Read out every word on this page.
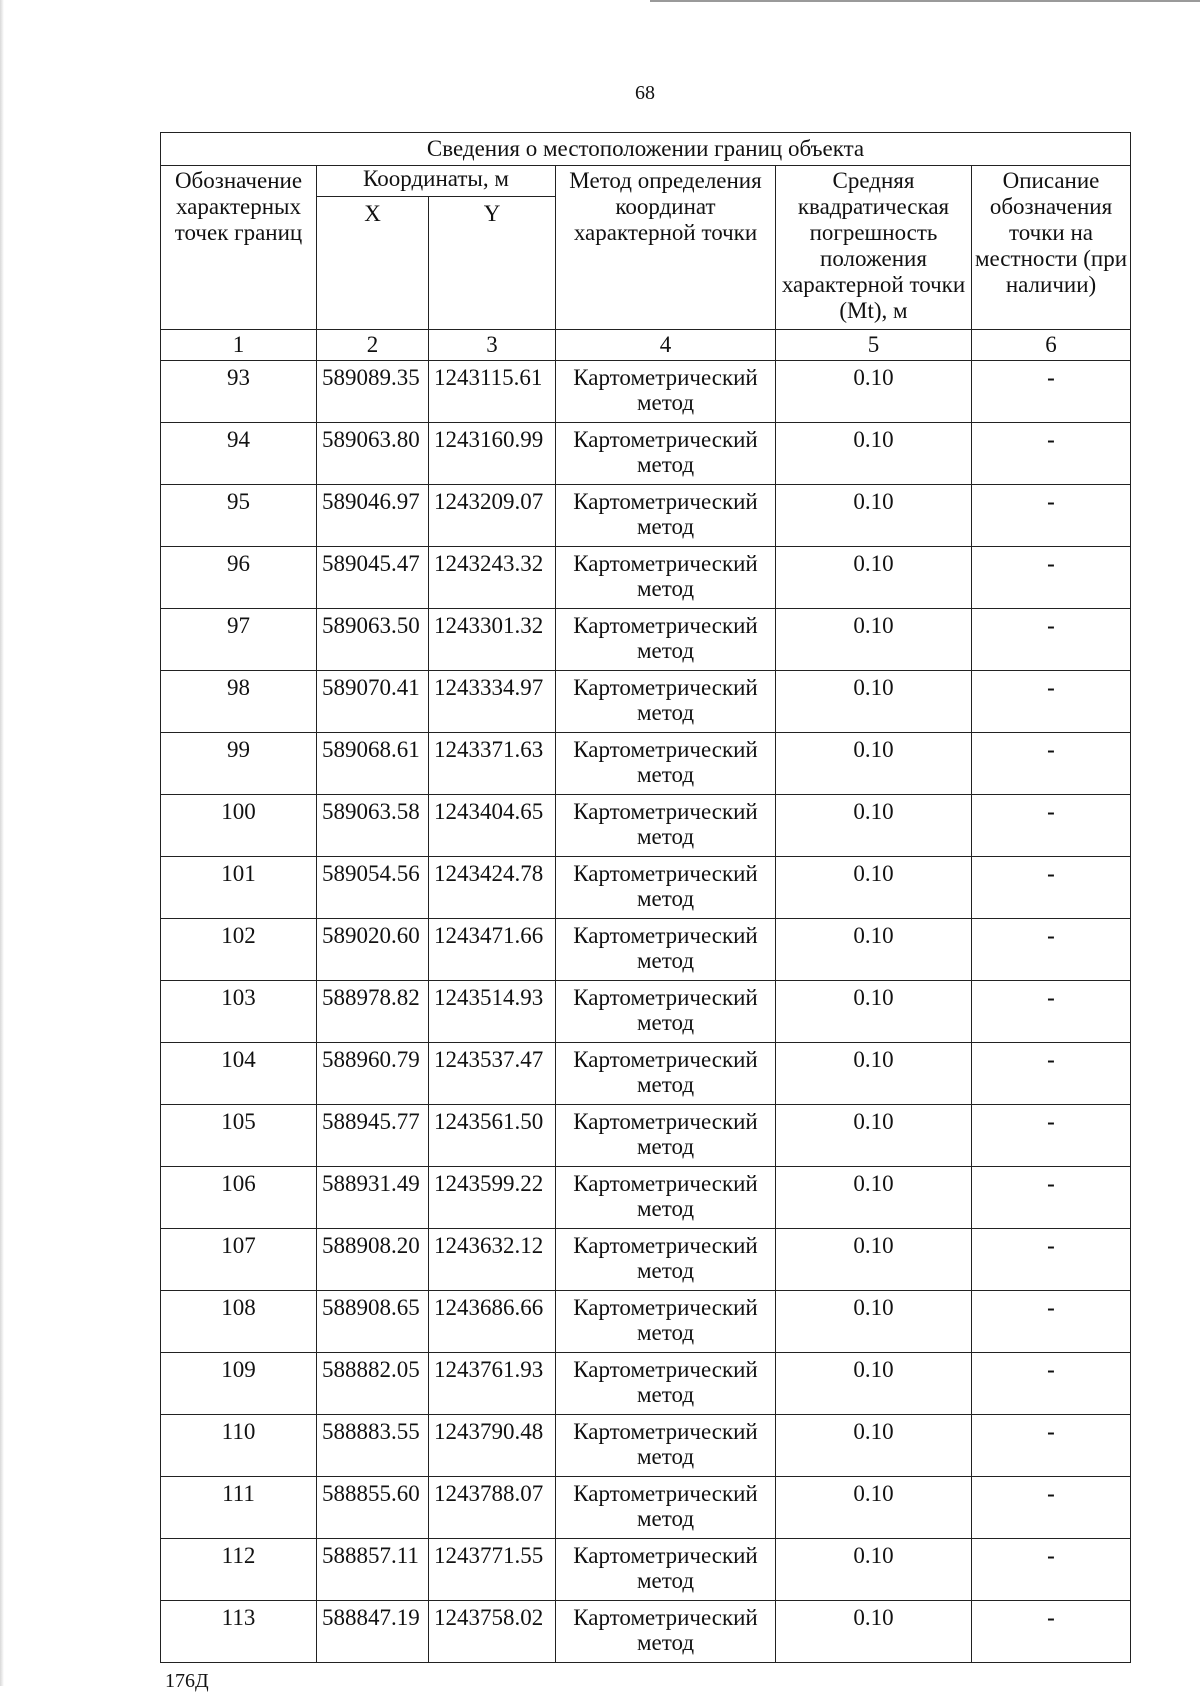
68
Сведения о местоположении границ объекта					
Обозначение характерных точек границ	Координаты, м		Метод определения координат характерной точки	Средняя квадратическая погрешность положения характерной точки (Mt), м	Описание обозначения точки на местности (при наличии)
	X	Y			
1	2	3	4	5	6
93	589089.35	1243115.61	Картометрический метод	0.10	-
94	589063.80	1243160.99	Картометрический метод	0.10	-
95	589046.97	1243209.07	Картометрический метод	0.10	-
96	589045.47	1243243.32	Картометрический метод	0.10	-
97	589063.50	1243301.32	Картометрический метод	0.10	-
98	589070.41	1243334.97	Картометрический метод	0.10	-
99	589068.61	1243371.63	Картометрический метод	0.10	-
100	589063.58	1243404.65	Картометрический метод	0.10	-
101	589054.56	1243424.78	Картометрический метод	0.10	-
102	589020.60	1243471.66	Картометрический метод	0.10	-
103	588978.82	1243514.93	Картометрический метод	0.10	-
104	588960.79	1243537.47	Картометрический метод	0.10	-
105	588945.77	1243561.50	Картометрический метод	0.10	-
106	588931.49	1243599.22	Картометрический метод	0.10	-
107	588908.20	1243632.12	Картометрический метод	0.10	-
108	588908.65	1243686.66	Картометрический метод	0.10	-
109	588882.05	1243761.93	Картометрический метод	0.10	-
110	588883.55	1243790.48	Картометрический метод	0.10	-
111	588855.60	1243788.07	Картометрический метод	0.10	-
112	588857.11	1243771.55	Картометрический метод	0.10	-
113	588847.19	1243758.02	Картометрический метод	0.10	-
176Д
